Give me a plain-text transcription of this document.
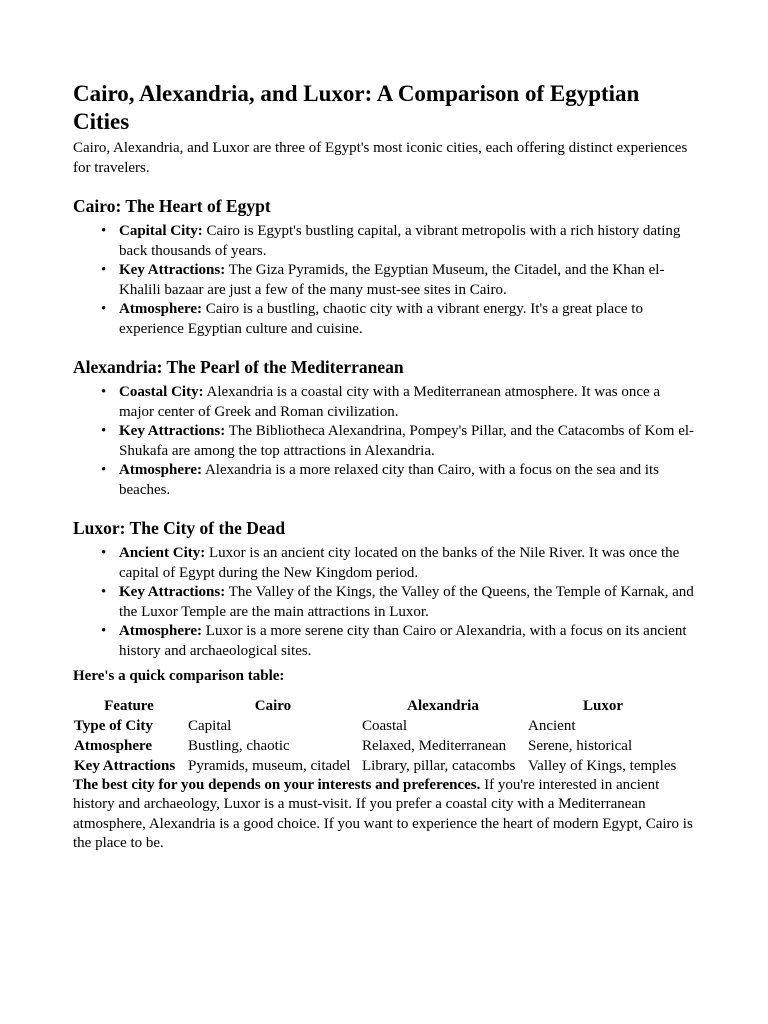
Cairo, Alexandria, and Luxor: A Comparison of Egyptian Cities

Cairo, Alexandria, and Luxor are three of Egypt's most iconic cities, each offering distinct experiences for travelers.

Cairo: The Heart of Egypt
• Capital City: Cairo is Egypt's bustling capital, a vibrant metropolis with a rich history dating back thousands of years.
• Key Attractions: The Giza Pyramids, the Egyptian Museum, the Citadel, and the Khan el-Khalili bazaar are just a few of the many must-see sites in Cairo.
• Atmosphere: Cairo is a bustling, chaotic city with a vibrant energy. It's a great place to experience Egyptian culture and cuisine.
Alexandria: The Pearl of the Mediterranean
• Coastal City: Alexandria is a coastal city with a Mediterranean atmosphere. It was once a major center of Greek and Roman civilization.
• Key Attractions: The Bibliotheca Alexandrina, Pompey's Pillar, and the Catacombs of Kom el-Shukafa are among the top attractions in Alexandria.
• Atmosphere: Alexandria is a more relaxed city than Cairo, with a focus on the sea and its beaches.
Luxor: The City of the Dead
• Ancient City: Luxor is an ancient city located on the banks of the Nile River. It was once the capital of Egypt during the New Kingdom period.
• Key Attractions: The Valley of the Kings, the Valley of the Queens, the Temple of Karnak, and the Luxor Temple are the main attractions in Luxor.
• Atmosphere: Luxor is a more serene city than Cairo or Alexandria, with a focus on its ancient history and archaeological sites.

Here's a quick comparison table:

Feature	Cairo	Alexandria	Luxor
Type of City	Capital	Coastal	Ancient
Atmosphere	Bustling, chaotic	Relaxed, Mediterranean	Serene, historical
Key Attractions	Pyramids, museum, citadel	Library, pillar, catacombs	Valley of Kings, temples

The best city for you depends on your interests and preferences. If you're interested in ancient history and archaeology, Luxor is a must-visit. If you prefer a coastal city with a Mediterranean atmosphere, Alexandria is a good choice. If you want to experience the heart of modern Egypt, Cairo is the place to be.
